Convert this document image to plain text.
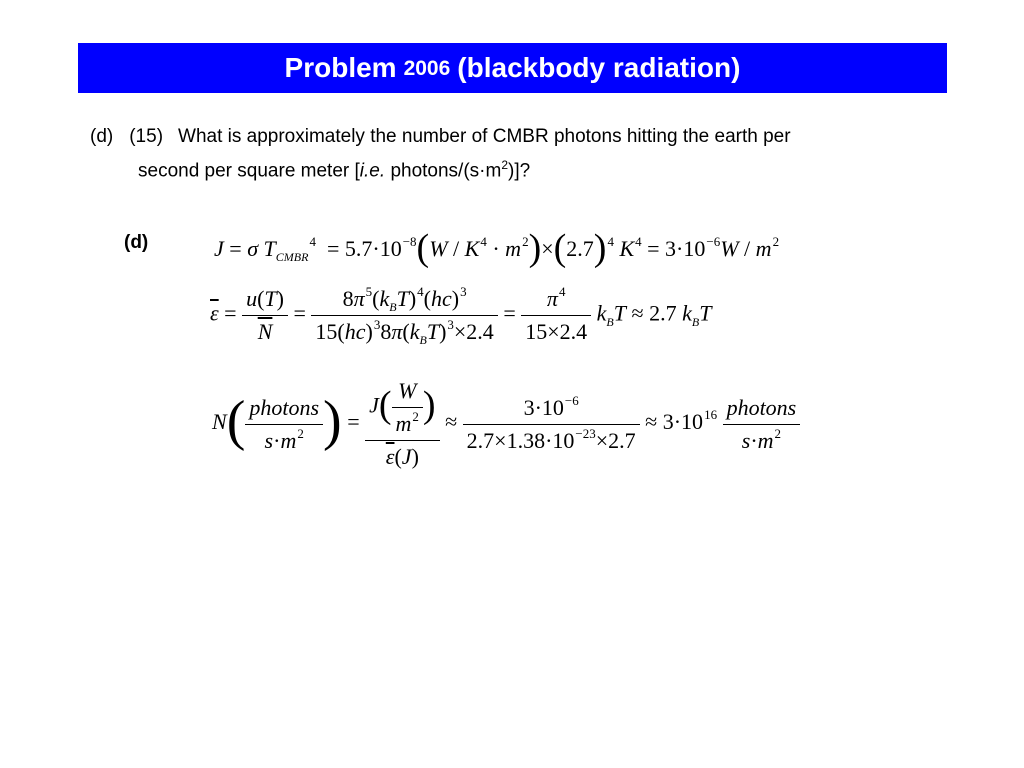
Problem 2006 (blackbody radiation)
(d) (15) What is approximately the number of CMBR photons hitting the earth per
second per square meter [i.e. photons/$(s\cdot m^2)$]?
(d)	J = σ $T_{CMBR}^4 = 5.7\cdot 10^{-8}(W / K^4 \cdot m^2)\times(2.7)^4$ $K^4 = 3\cdot 10^{-6}W / m^2$
$\overline{\varepsilon} = \frac{u(T)}{N} = \frac{8\pi^5(k_BT)^4(hc)^3}{15(hc)^38\pi(k_BT)^3\times 2.4} = \frac{\pi^4}{15\times 2.4} k_BT \approx 2.7$ $k_BT$
$N( \frac{\text{photons}}{s\cdot m^2}$ ) = $\frac{J( \frac{W}{m^2} )}{\overline{\varepsilon}(J)} \approx \frac{3\cdot 10^{-6}}{2.7\times 1.38\cdot 10^{-23}\times 2.7} \approx 3\cdot 10^{16} \frac{\text{photons}}{s\cdot m^2}$
